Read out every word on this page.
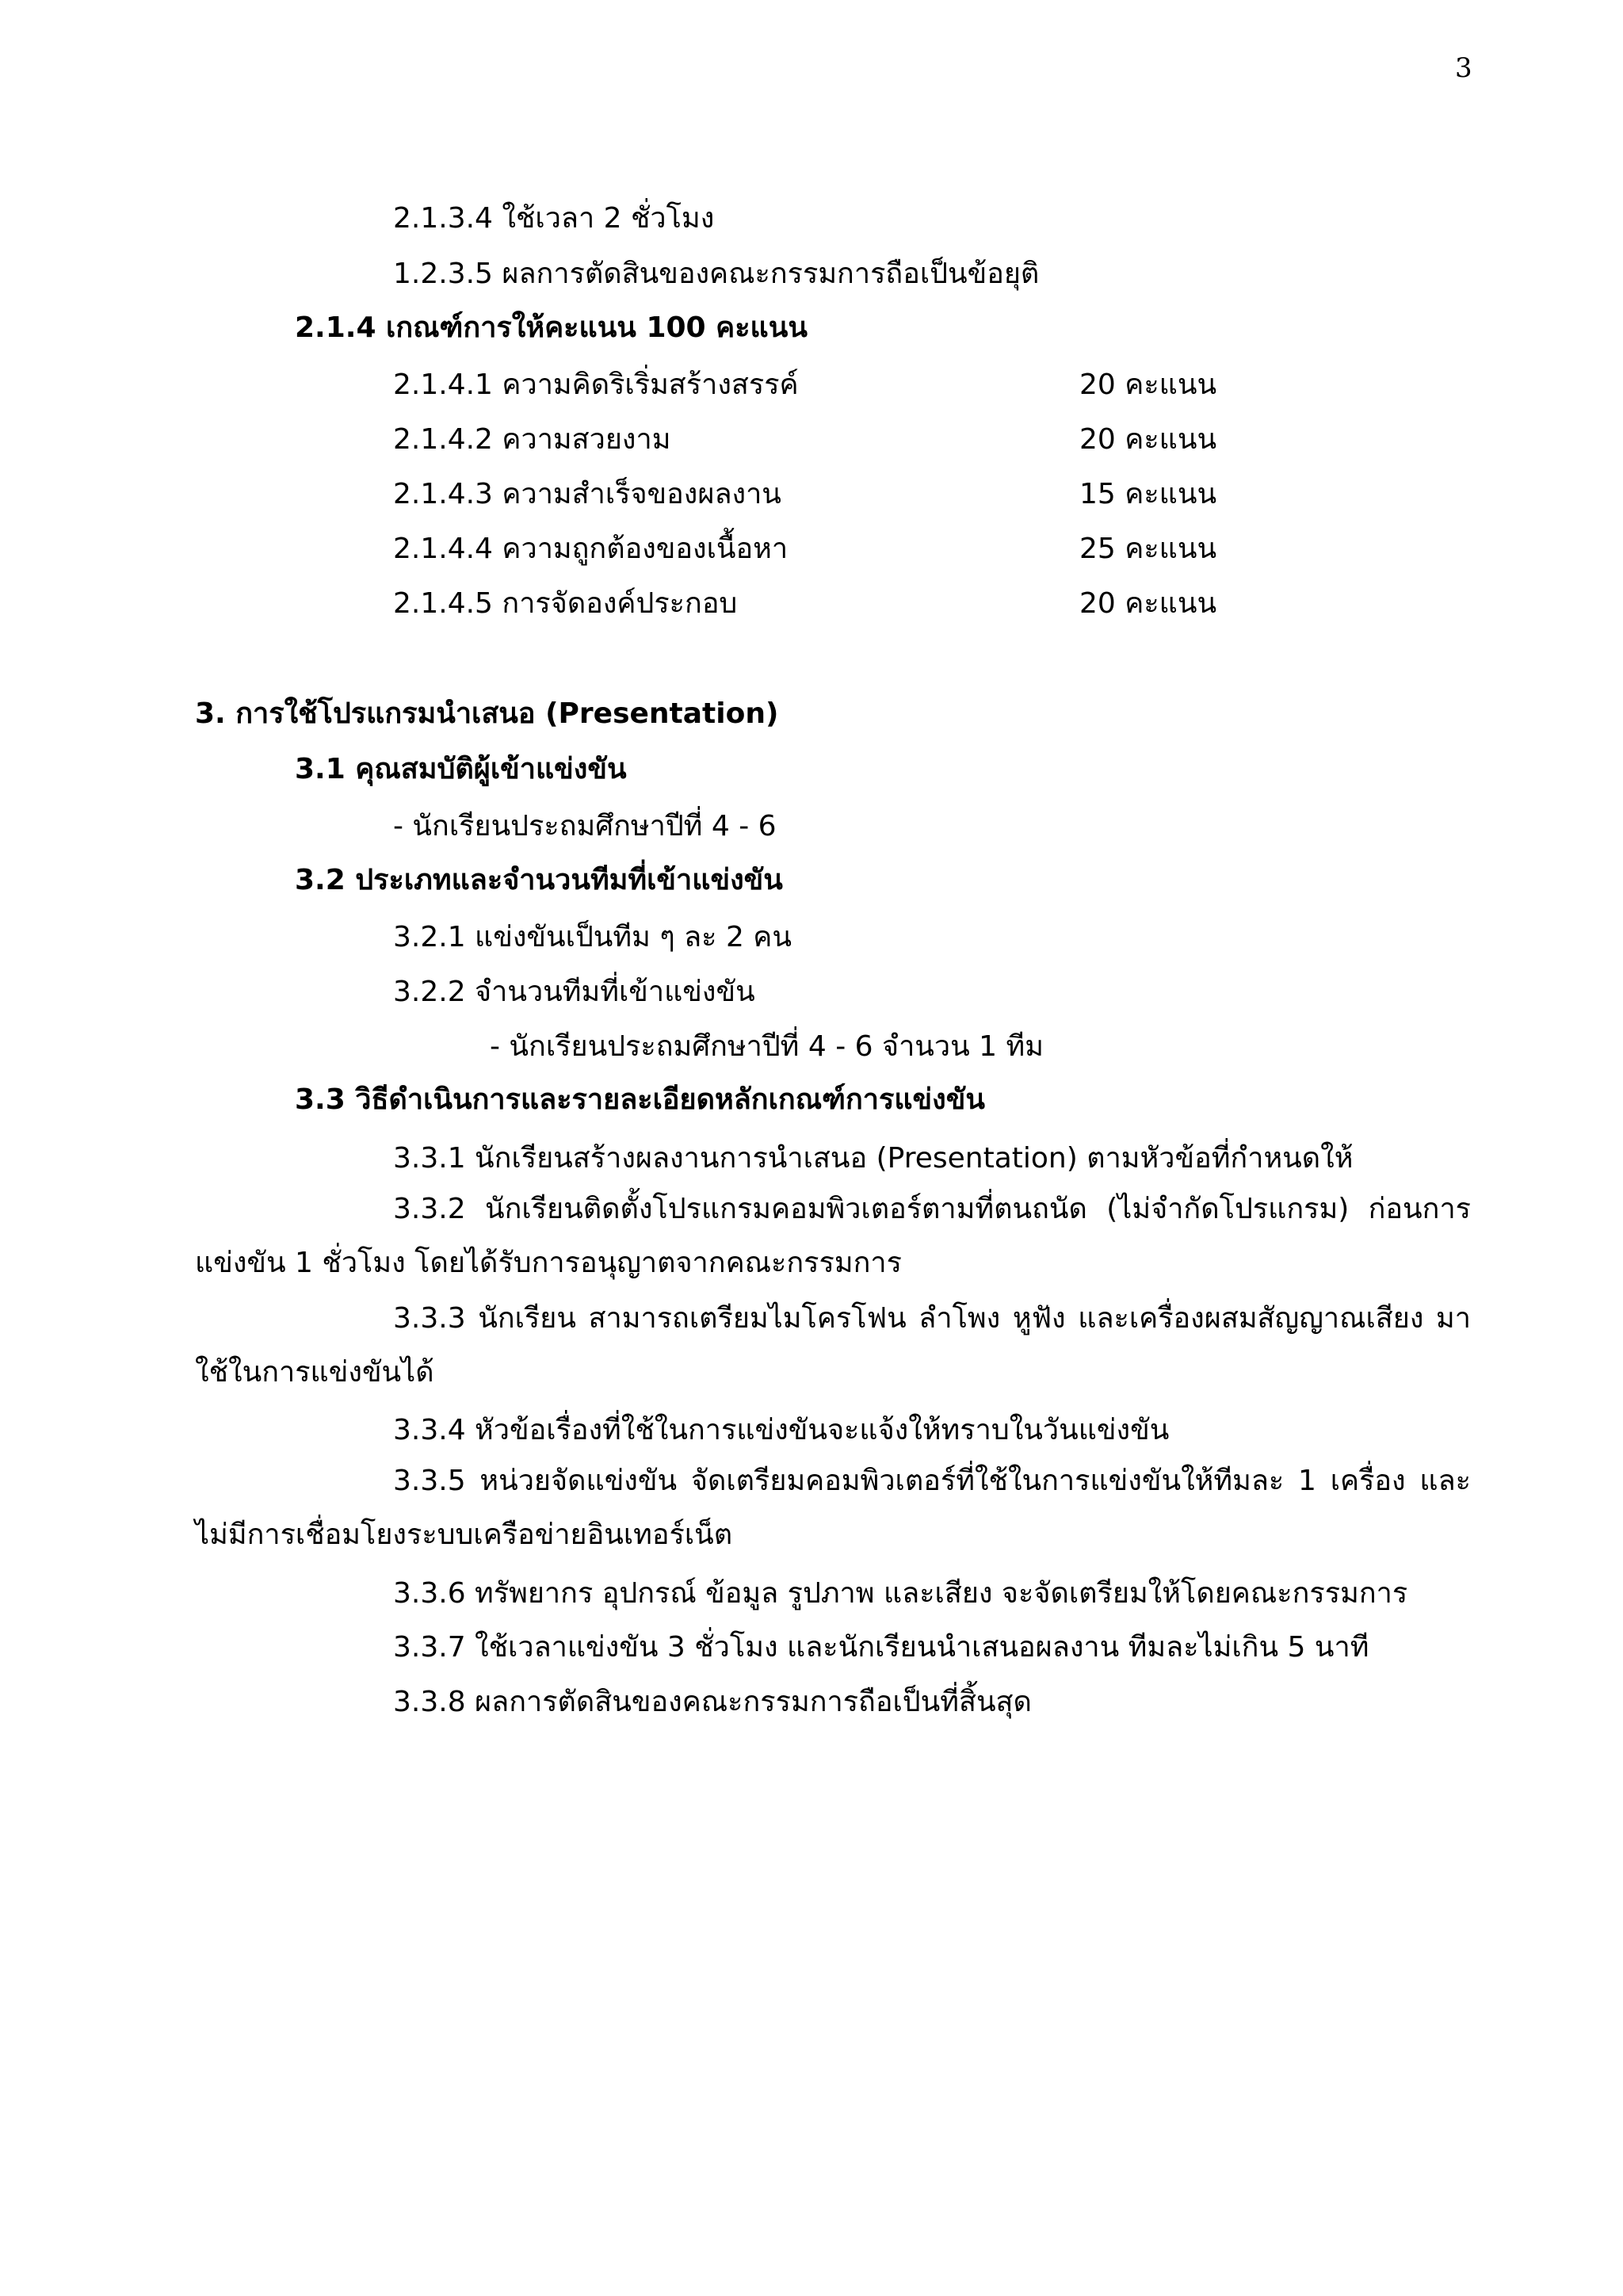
3
2.1.3.4 ใช้เวลา 2 ชั่วโมง
1.2.3.5 ผลการตัดสินของคณะกรรมการถือเป็นข้อยุติ
2.1.4 เกณฑ์การให้คะแนน 100 คะแนน
2.1.4.1 ความคิดริเริ่มสร้างสรรค์	20 คะแนน
2.1.4.2 ความสวยงาม	20 คะแนน
2.1.4.3 ความสำเร็จของผลงาน	15 คะแนน
2.1.4.4 ความถูกต้องของเนื้อหา	25 คะแนน
2.1.4.5 การจัดองค์ประกอบ	20 คะแนน
3. การใช้โปรแกรมนำเสนอ (Presentation)
3.1 คุณสมบัติผู้เข้าแข่งขัน
- นักเรียนประถมศึกษาปีที่ 4 - 6
3.2 ประเภทและจำนวนทีมที่เข้าแข่งขัน
3.2.1 แข่งขันเป็นทีม ๆ ละ 2 คน
3.2.2 จำนวนทีมที่เข้าแข่งขัน
- นักเรียนประถมศึกษาปีที่ 4 - 6 จำนวน 1 ทีม
3.3 วิธีดำเนินการและรายละเอียดหลักเกณฑ์การแข่งขัน
3.3.1 นักเรียนสร้างผลงานการนำเสนอ (Presentation) ตามหัวข้อที่กำหนดให้
3.3.2 นักเรียนติดตั้งโปรแกรมคอมพิวเตอร์ตามที่ตนถนัด (ไม่จำกัดโปรแกรม) ก่อนการแข่งขัน 1 ชั่วโมง โดยได้รับการอนุญาตจากคณะกรรมการ
3.3.3 นักเรียน สามารถเตรียมไมโครโฟน ลำโพง หูฟัง และเครื่องผสมสัญญาณเสียง มาใช้ในการแข่งขันได้
3.3.4 หัวข้อเรื่องที่ใช้ในการแข่งขันจะแจ้งให้ทราบในวันแข่งขัน
3.3.5 หน่วยจัดแข่งขัน จัดเตรียมคอมพิวเตอร์ที่ใช้ในการแข่งขันให้ทีมละ 1 เครื่อง และไม่มีการเชื่อมโยงระบบเครือข่ายอินเทอร์เน็ต
3.3.6 ทรัพยากร อุปกรณ์ ข้อมูล รูปภาพ และเสียง จะจัดเตรียมให้โดยคณะกรรมการ
3.3.7 ใช้เวลาแข่งขัน 3 ชั่วโมง และนักเรียนนำเสนอผลงาน ทีมละไม่เกิน 5 นาที
3.3.8 ผลการตัดสินของคณะกรรมการถือเป็นที่สิ้นสุด
